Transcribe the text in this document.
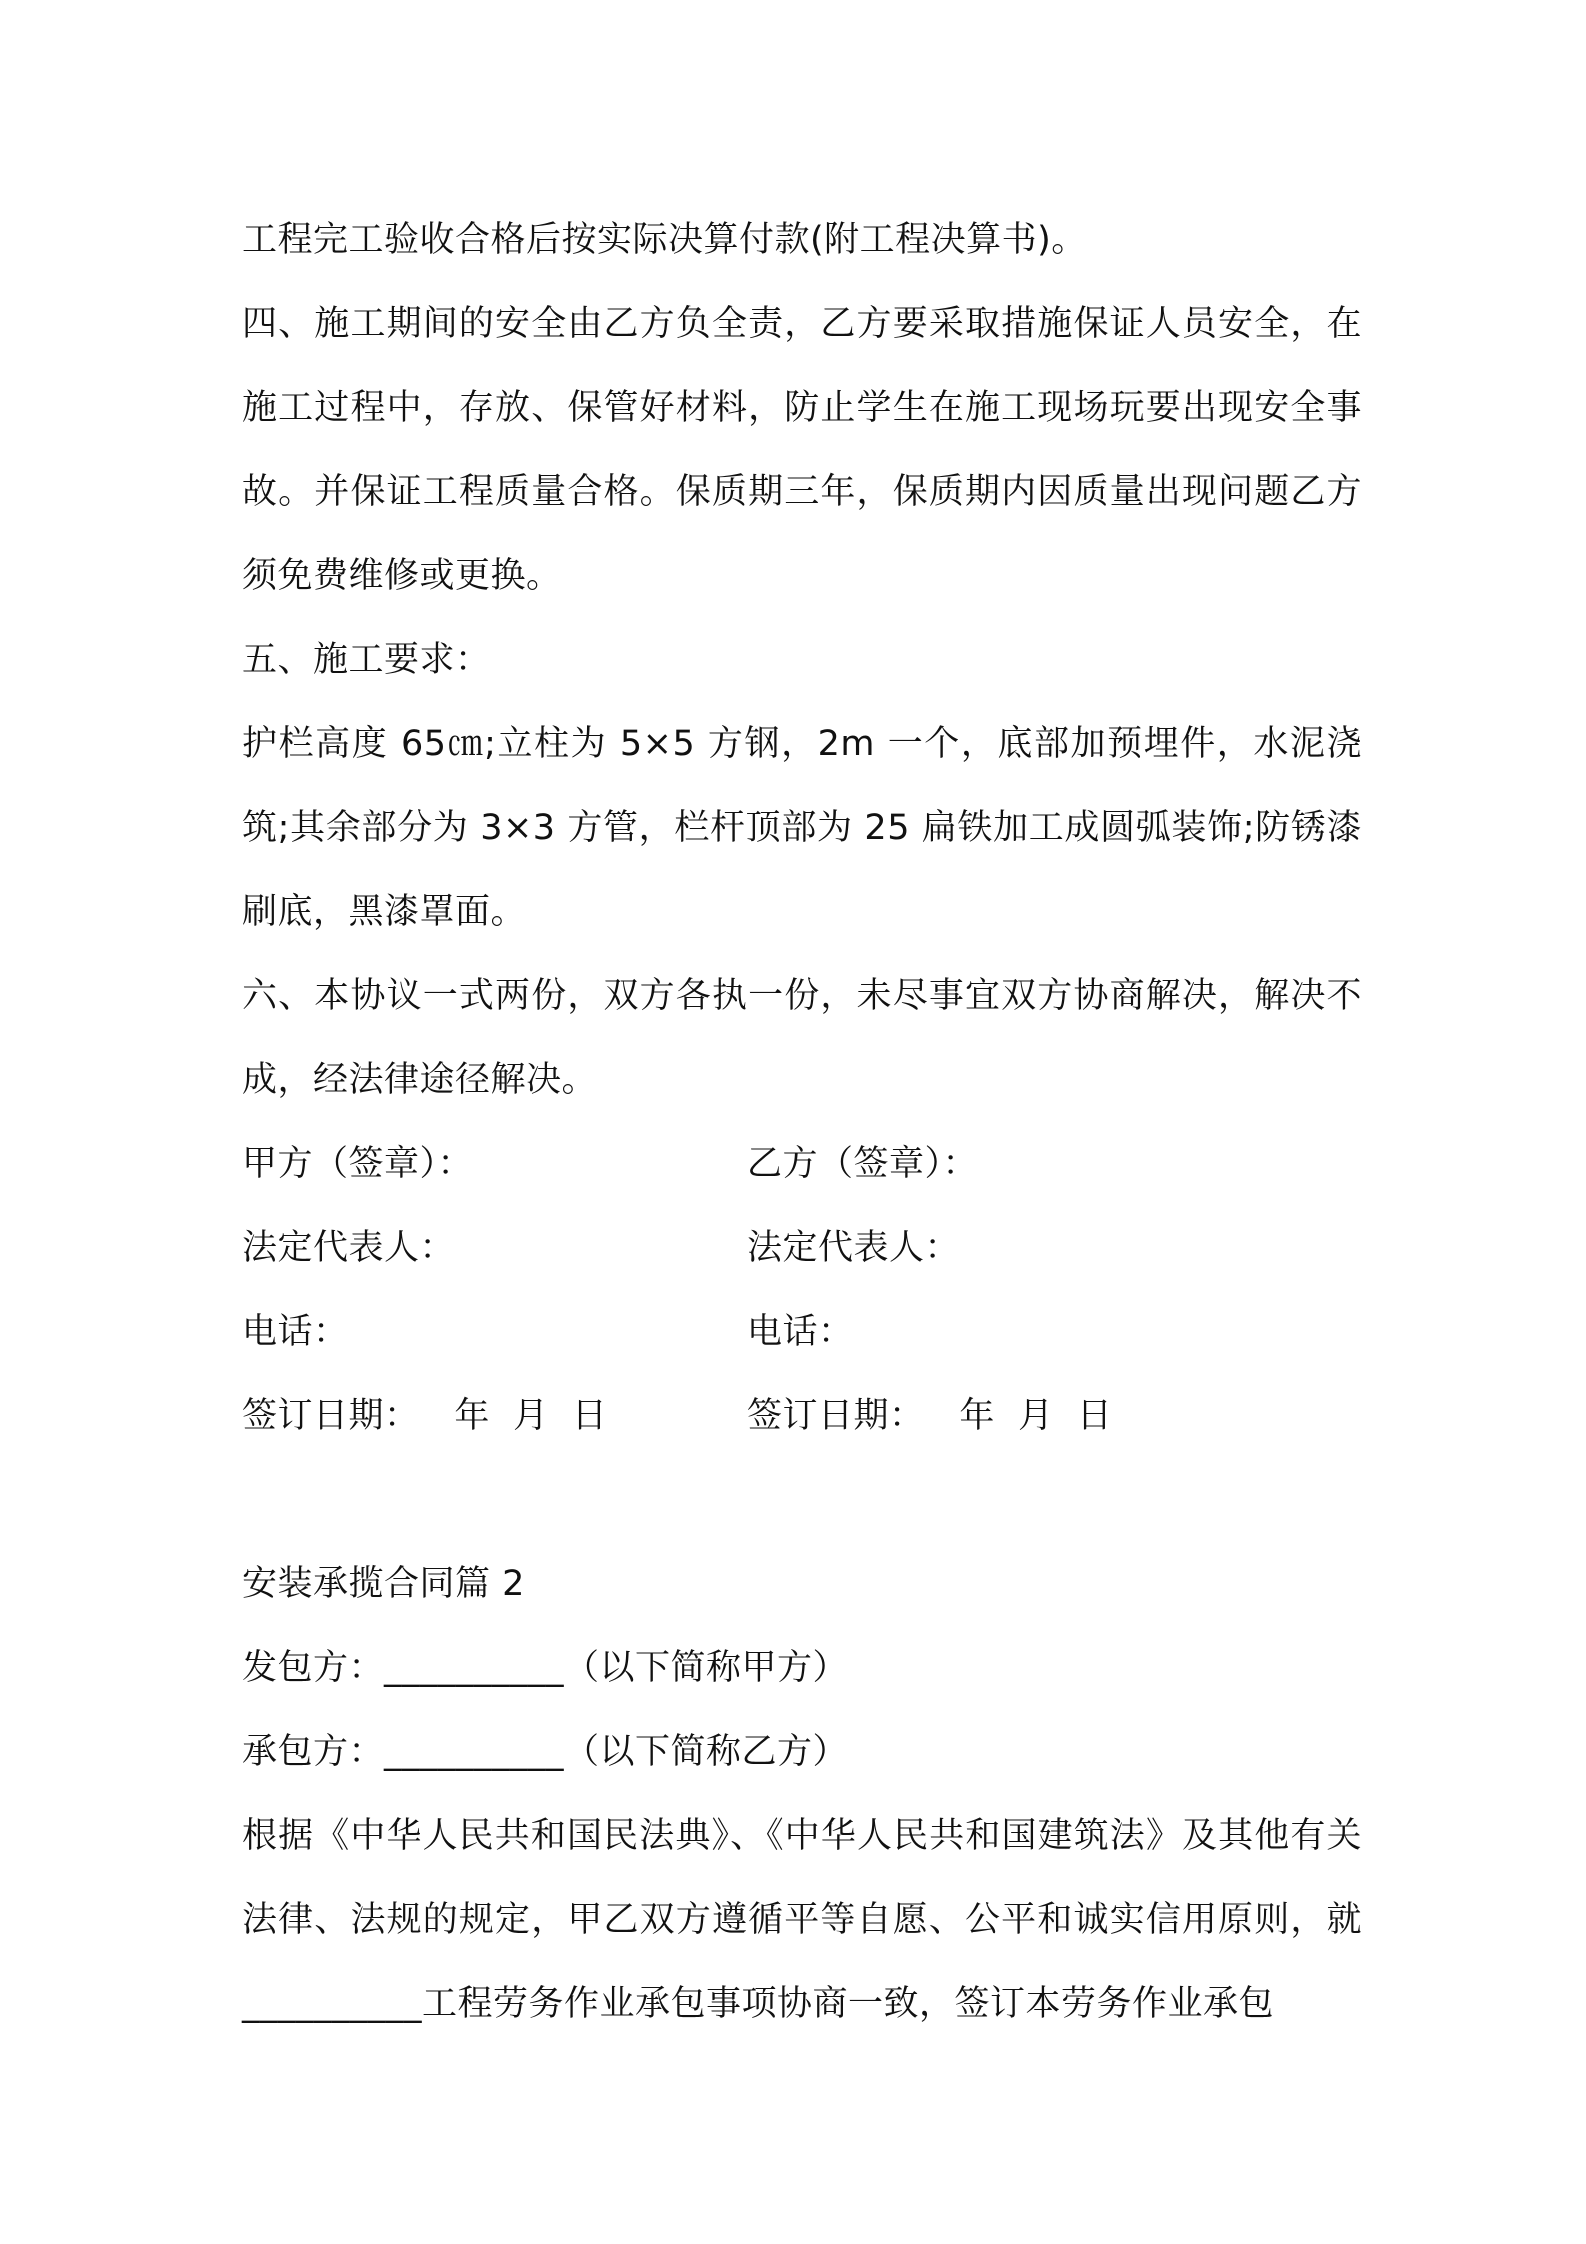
工程完工验收合格后按实际决算付款(附工程决算书)。

四、施工期间的安全由乙方负全责，乙方要采取措施保证人员安全，在施工过程中，存放、保管好材料，防止学生在施工现场玩要出现安全事故。并保证工程质量合格。保质期三年，保质期内因质量出现问题乙方须免费维修或更换。

五、施工要求：

护栏高度 65㎝;立柱为 5×5 方钢，2m 一个，底部加预埋件，水泥浇筑;其余部分为 3×3 方管，栏杆顶部为 25 扁铁加工成圆弧装饰;防锈漆刷底，黑漆罩面。

六、本协议一式两份，双方各执一份，未尽事宜双方协商解决，解决不成，经法律途径解决。

甲方（签章）：	乙方（签章）：
法定代表人：	法定代表人：
电话：	电话：
签订日期：   年  月  日	签订日期：   年  月  日

安装承揽合同篇 2

发包方：__________（以下简称甲方）

承包方：__________（以下简称乙方）

根据《中华人民共和国民法典》、《中华人民共和国建筑法》及其他有关法律、法规的规定，甲乙双方遵循平等自愿、公平和诚实信用原则，就__________工程劳务作业承包事项协商一致，签订本劳务作业承包
